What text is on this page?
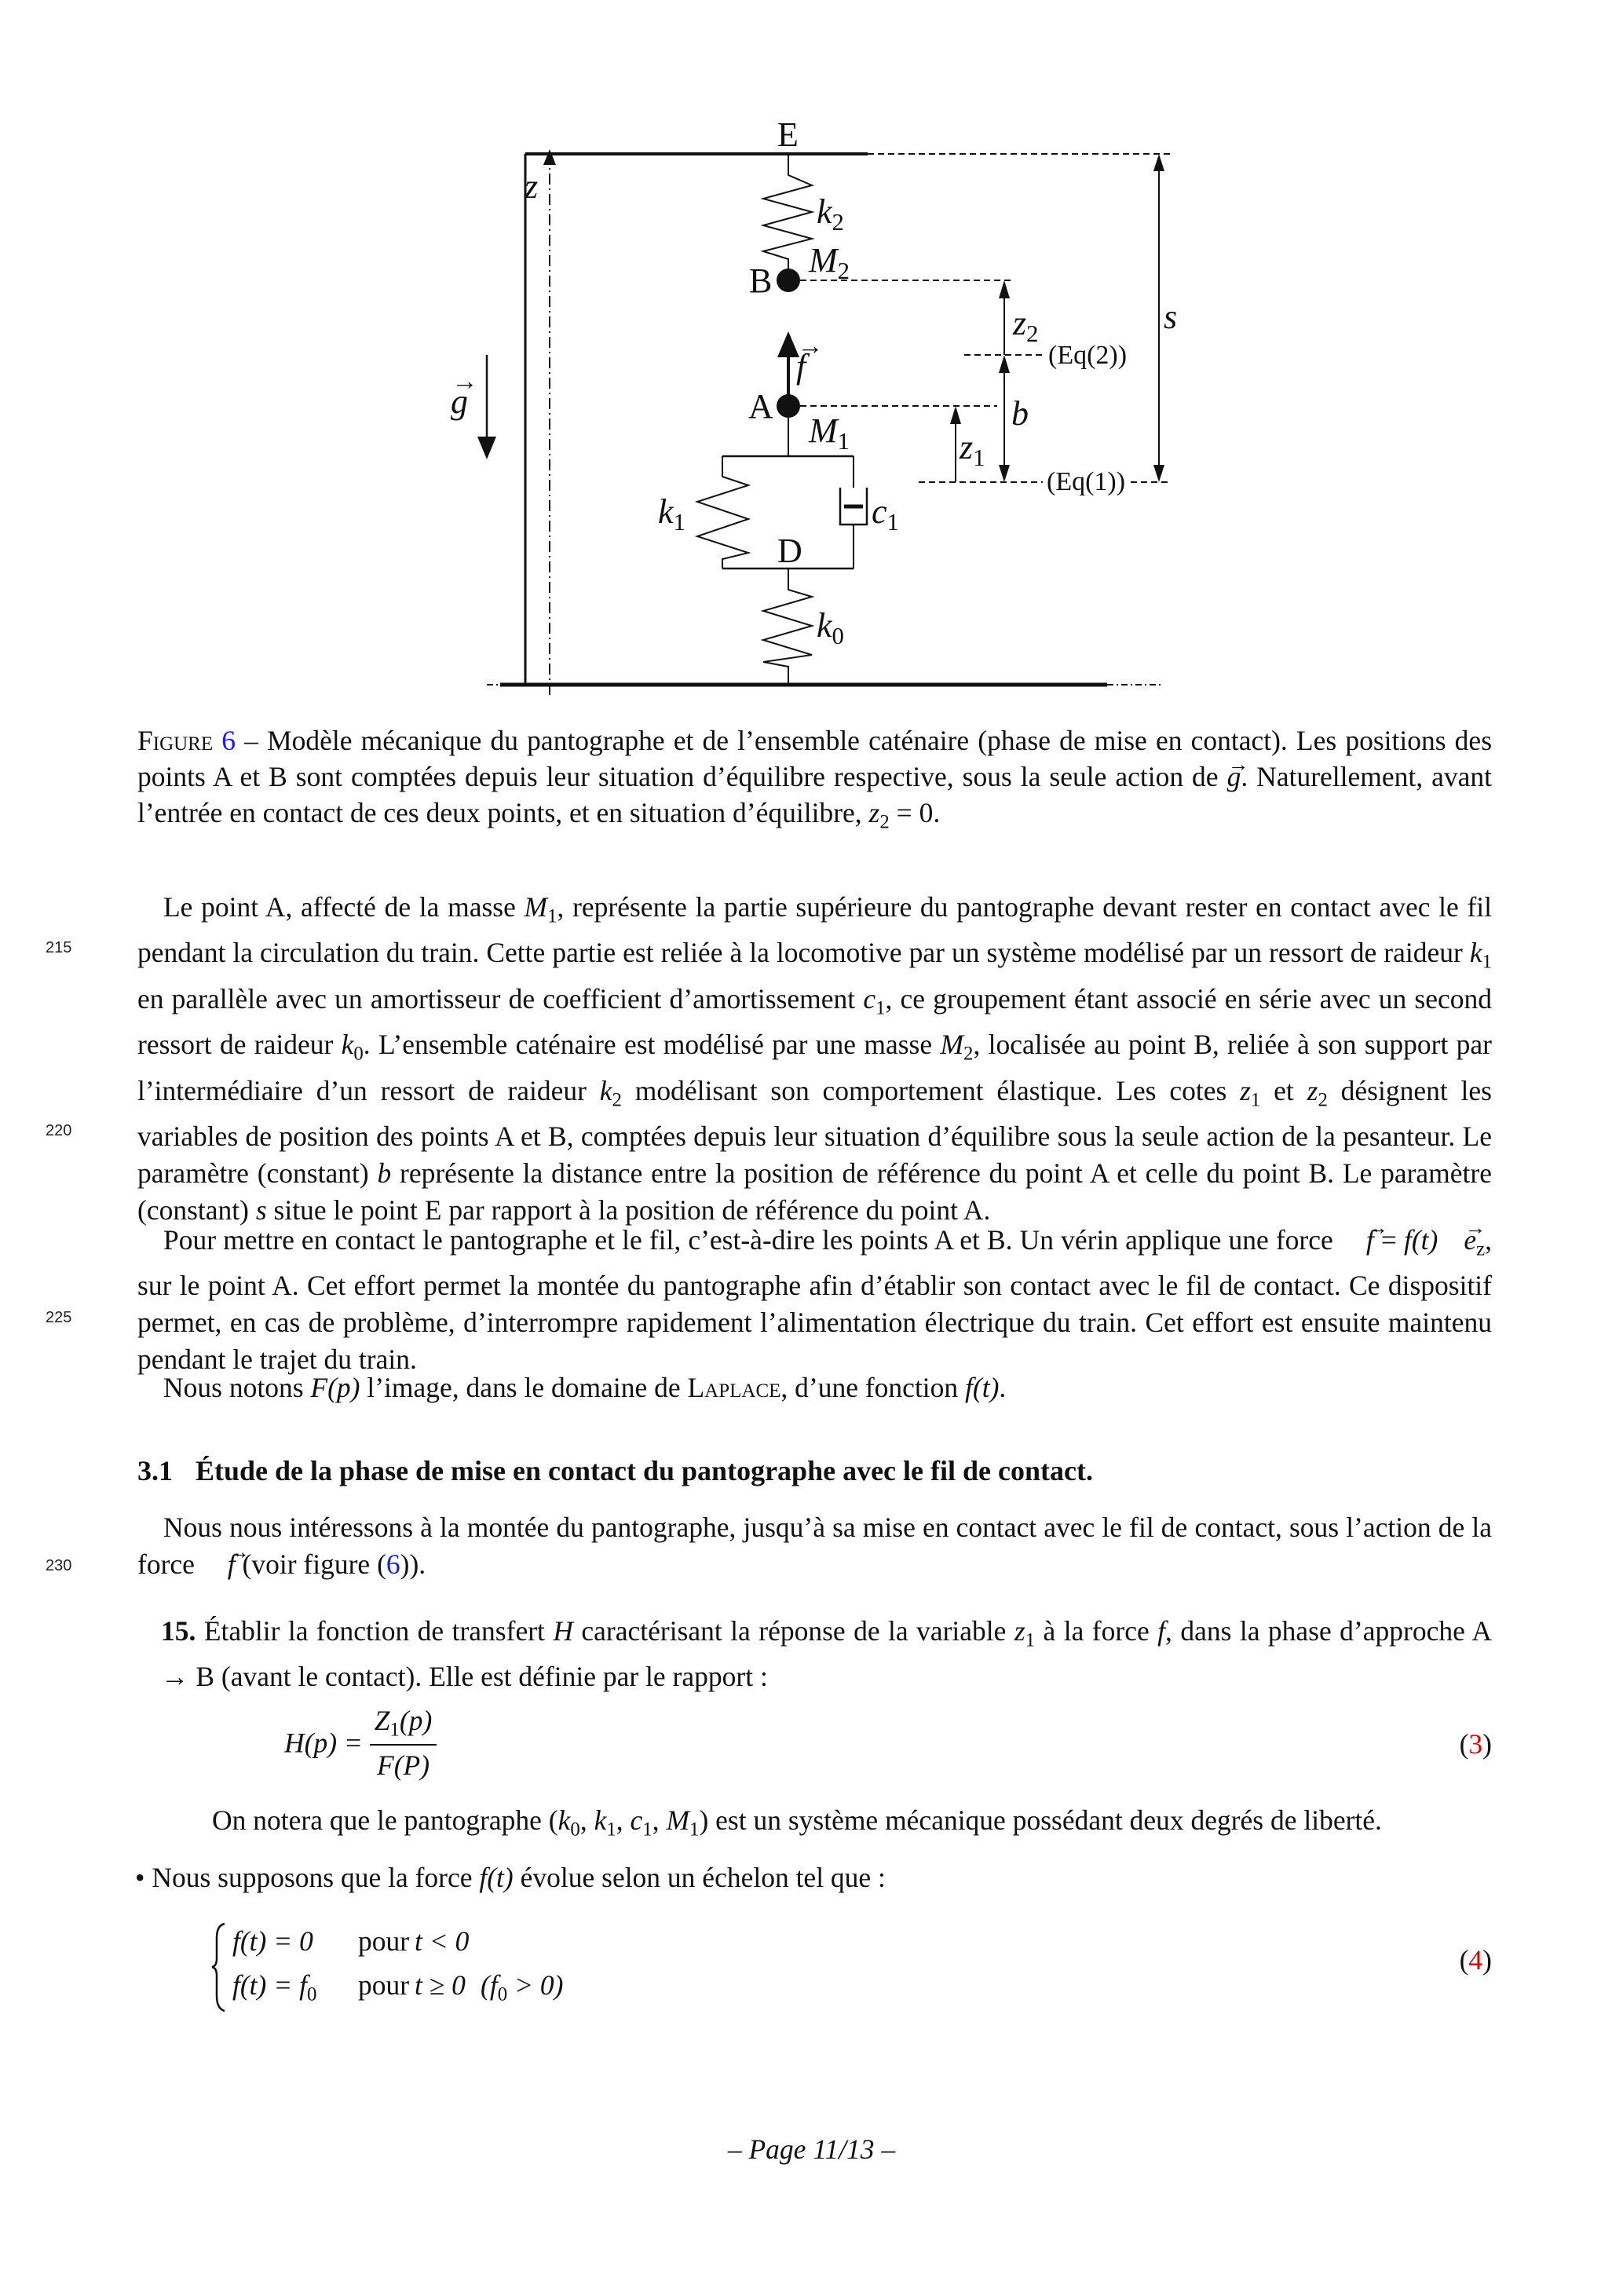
E
z
$k_2$
$M_2$
B
→ f
→ g	A
$M_1$
$z_2$
(Eq(2))
b
$z_1$
(Eq(1))
s
$k_1$	$c_1$
D
$k_0$
Figure 6 – Modèle mécanique du pantographe et de l’ensemble caténaire (phase de mise en contact). Les positions des points A et B sont comptées depuis leur situation d’équilibre respective, sous la seule action de → g. Naturellement, avant l’entrée en contact de ces deux points, et en situation d’équilibre, $z_2 = 0$.
215
220
225
230
Le point A, affecté de la masse $M_1$, représente la partie supérieure du pantographe devant rester en contact avec le fil pendant la circulation du train. Cette partie est reliée à la locomotive par un système modélisé par un ressort de raideur $k_1$ en parallèle avec un amortisseur de coefficient d’amortissement $c_1$, ce groupement étant associé en série avec un second ressort de raideur $k_0$. L’ensemble caténaire est modélisé par une masse $M_2$, localisée au point B, reliée à son support par l’intermédiaire d’un ressort de raideur $k_2$ modélisant son comportement élastique. Les cotes $z_1$ et $z_2$ désignent les variables de position des points A et B, comptées depuis leur situation d’équilibre sous la seule action de la pesanteur. Le paramètre (constant) b représente la distance entre la position de référence du point A et celle du point B. Le paramètre (constant) s situe le point E par rapport à la position de référence du point A.
Pour mettre en contact le pantographe et le fil, c’est-à-dire les points A et B. Un vérin applique une force → $f = f(t) \to e_z$, sur le point A. Cet effort permet la montée du pantographe afin d’établir son contact avec le fil de contact. Ce dispositif permet, en cas de problème, d’interrompre rapidement l’alimentation électrique du train. Cet effort est ensuite maintenu pendant le trajet du train.
Nous notons F(p) l’image, dans le domaine de Laplace, d’une fonction f(t).
3.1 Étude de la phase de mise en contact du pantographe avec le fil de contact.
Nous nous intéressons à la montée du pantographe, jusqu’à sa mise en contact avec le fil de contact, sous l’action de la force → f (voir figure (6)).
15. Établir la fonction de transfert H caractérisant la réponse de la variable $z_1$ à la force f, dans la phase d’approche A → B (avant le contact). Elle est définie par le rapport :
$H(p) = \frac{Z_1(p)}{F(P)}$	(3)
On notera que le pantographe ($k_0$, $k_1$, $c_1$, $M_1$) est un système mécanique possédant deux degrés de liberté.
• Nous supposons que la force f(t) évolue selon un échelon tel que :
f(t) = 0 pour t < 0
$f(t) = f_0$ pour t ≥ 0 $(f_0 > 0)$
(4)
– Page 11/13 –
